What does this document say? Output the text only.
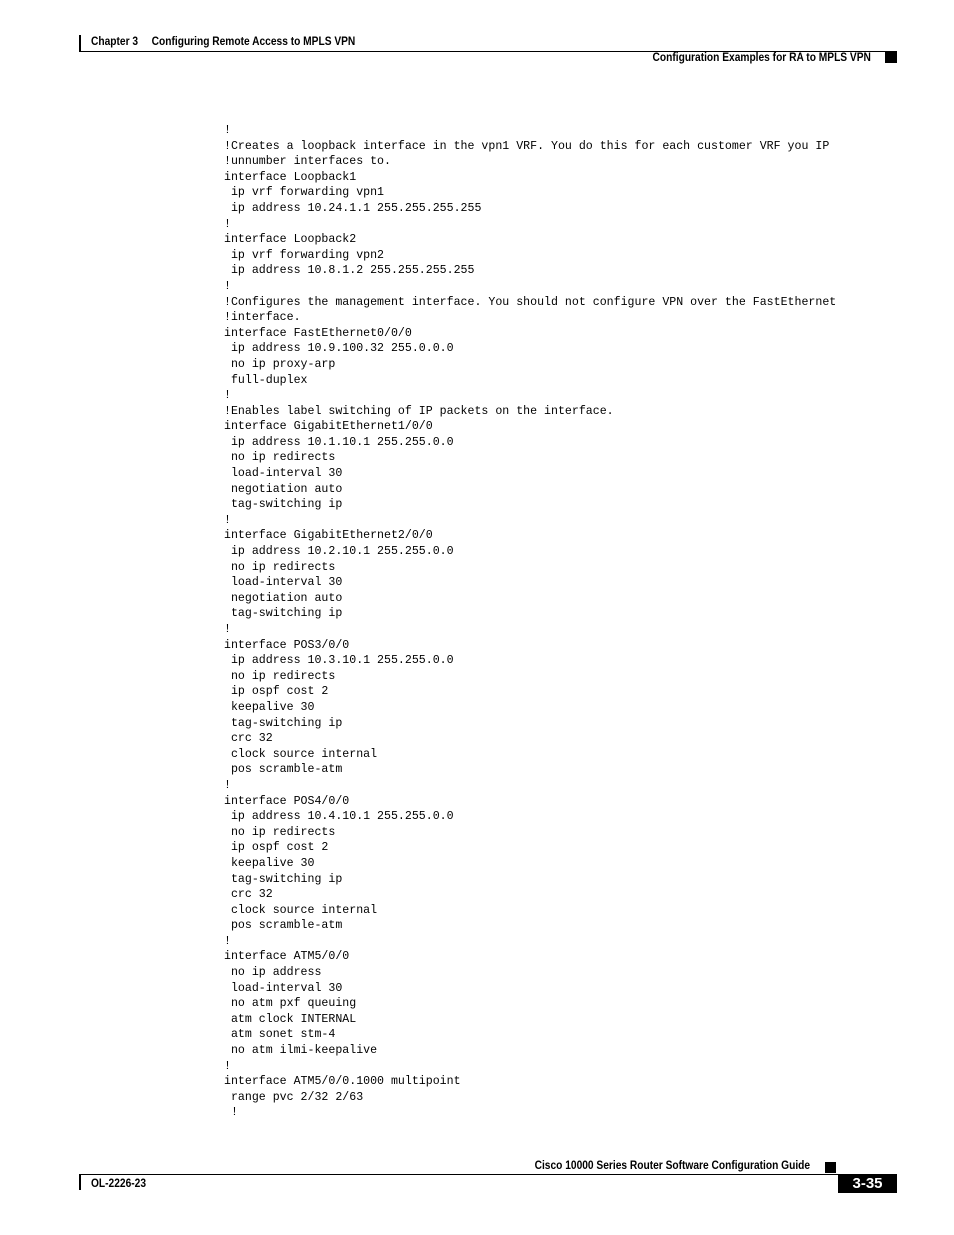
Chapter 3 Configuring Remote Access to MPLS VPN
Configuration Examples for RA to MPLS VPN
!
!Creates a loopback interface in the vpn1 VRF. You do this for each customer VRF you IP
!unnumber interfaces to.
interface Loopback1
ip vrf forwarding vpn1
ip address 10.24.1.1 255.255.255.255
!
interface Loopback2
ip vrf forwarding vpn2
ip address 10.8.1.2 255.255.255.255
!
!Configures the management interface. You should not configure VPN over the FastEthernet
!interface.
interface FastEthernet0/0/0
ip address 10.9.100.32 255.0.0.0
no ip proxy-arp
full-duplex
!
!Enables label switching of IP packets on the interface.
interface GigabitEthernet1/0/0
ip address 10.1.10.1 255.255.0.0
no ip redirects
load-interval 30
negotiation auto
tag-switching ip
!
interface GigabitEthernet2/0/0
ip address 10.2.10.1 255.255.0.0
no ip redirects
load-interval 30
negotiation auto
tag-switching ip
!
interface POS3/0/0
ip address 10.3.10.1 255.255.0.0
no ip redirects
ip ospf cost 2
keepalive 30
tag-switching ip
crc 32
clock source internal
pos scramble-atm
!
interface POS4/0/0
ip address 10.4.10.1 255.255.0.0
no ip redirects
ip ospf cost 2
keepalive 30
tag-switching ip
crc 32
clock source internal
pos scramble-atm
!
interface ATM5/0/0
no ip address
load-interval 30
no atm pxf queuing
atm clock INTERNAL
atm sonet stm-4
no atm ilmi-keepalive
!
interface ATM5/0/0.1000 multipoint
range pvc 2/32 2/63
!
Cisco 10000 Series Router Software Configuration Guide
OL-2226-23	3-35
